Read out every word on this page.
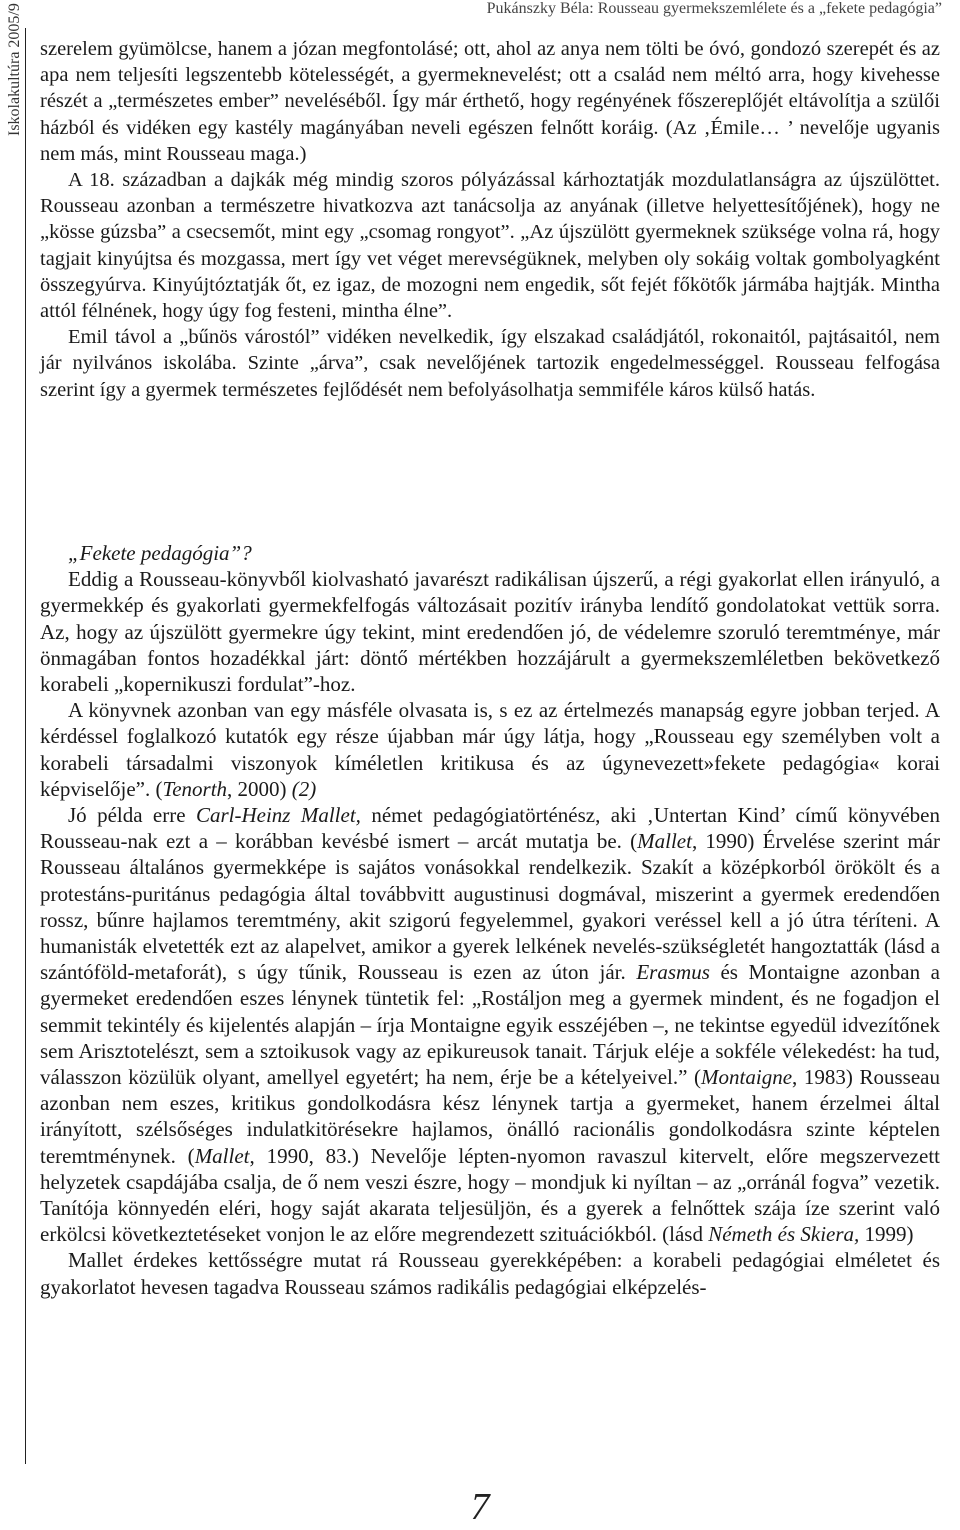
Pukánszky Béla: Rousseau gyermekszemlélete és a „fekete pedagógia”
Iskolakultúra 2005/9 szerelem gyümölcse, hanem a józan megfontolásé; ott, ahol az anya nem tölti be óvó, gondozó szerepét és az apa nem teljesíti legszentebb kötelességét, a gyermeknevelést; ott a család nem méltó arra, hogy kivehesse részét a „természetes ember” neveléséből. Így már érthető, hogy regényének főszereplőjét eltávolítja a szülői házból és vidéken egy kastély magányában neveli egészen felnőtt koráig. (Az ‚Émile… ’ nevelője ugyanis nem más, mint Rousseau maga.)

A 18. században a dajkák még mindig szoros pólyázással kárhoztatják mozdulatlanságra az újszülöttet. Rousseau azonban a természetre hivatkozva azt tanácsolja az anyának (illetve helyettesítőjének), hogy ne „kösse gúzsba” a csecsemőt, mint egy „csomag rongyot”. „Az újszülött gyermeknek szüksége volna rá, hogy tagjait kinyújtsa és mozgassa, mert így vet véget merevségüknek, melyben oly sokáig voltak gombolyagként összegyúrva. Kinyújtóztatják őt, ez igaz, de mozogni nem engedik, sőt fejét főkötők jármába hajtják. Mintha attól félnének, hogy úgy fog festeni, mintha élne”.

Emil távol a „bűnös várostól” vidéken nevelkedik, így elszakad családjától, rokonaitól, pajtásaitól, nem jár nyilvános iskolába. Szinte „árva”, csak nevelőjének tartozik engedelmességgel. Rousseau felfogása szerint így a gyermek természetes fejlődését nem befolyásolhatja semmiféle káros külső hatás.

„Fekete pedagógia”?

Eddig a Rousseau-könyvből kiolvasható javarészt radikálisan újszerű, a régi gyakorlat ellen irányuló, a gyermekkép és gyakorlati gyermekfelfogás változásait pozitív irányba lendítő gondolatokat vettük sorra. Az, hogy az újszülött gyermekre úgy tekint, mint eredendően jó, de védelemre szoruló teremtménye, már önmagában fontos hozadékkal járt: döntő mértékben hozzájárult a gyermekszemléletben bekövetkező korabeli „kopernikuszi fordulat”-hoz.

A könyvnek azonban van egy másféle olvasata is, s ez az értelmezés manapság egyre jobban terjed. A kérdéssel foglalkozó kutatók egy része újabban már úgy látja, hogy „Rousseau egy személyben volt a korabeli társadalmi viszonyok kíméletlen kritikusa és az úgynevezett»fekete pedagógia« korai képviselője”. (Tenorth, 2000) (2)

Jó példa erre Carl-Heinz Mallet, német pedagógiatörténész, aki ‚Untertan Kind’ című könyvében Rousseau-nak ezt a – korábban kevésbé ismert – arcát mutatja be. (Mallet, 1990) Érvelése szerint már Rousseau általános gyermekképe is sajátos vonásokkal rendelkezik. Szakít a középkorból örökölt és a protestáns-puritánus pedagógia által továbbvitt augustinusi dogmával, miszerint a gyermek eredendően rossz, bűnre hajlamos teremtmény, akit szigorú fegyelemmel, gyakori veréssel kell a jó útra téríteni. A humanisták elvetették ezt az alapelvet, amikor a gyerek lelkének nevelés-szükségletét hangoztatták (lásd a szántóföld-metaforát), s úgy tűnik, Rousseau is ezen az úton jár. Erasmus és Montaigne azonban a gyermeket eredendően eszes lénynek tüntetik fel: „Rostáljon meg a gyermek mindent, és ne fogadjon el semmit tekintély és kijelentés alapján – írja Montaigne egyik esszéjében –, ne tekintse egyedül idvezítőnek sem Arisztotelészt, sem a sztoikusok vagy az epikureusok tanait. Tárjuk eléje a sokféle vélekedést: ha tud, válasszon közülük olyant, amellyel egyetért; ha nem, érje be a kételyeivel.” (Montaigne, 1983) Rousseau azonban nem eszes, kritikus gondolkodásra kész lénynek tartja a gyermeket, hanem érzelmei által irányított, szélsőséges indulatkitörésekre hajlamos, önálló racionális gondolkodásra szinte képtelen teremtménynek. (Mallet, 1990, 83.) Nevelője lépten-nyomon ravaszul kitervelt, előre megszervezett helyzetek csapdájába csalja, de ő nem veszi észre, hogy – mondjuk ki nyíltan – az „orránál fogva” vezetik. Tanítója könnyedén eléri, hogy saját akarata teljesüljön, és a gyerek a felnőttek szája íze szerint való erkölcsi következtetéseket vonjon le az előre megrendezett szituációkból. (lásd Németh és Skiera, 1999)

Mallet érdekes kettősségre mutat rá Rousseau gyerekképében: a korabeli pedagógiai elméletet és gyakorlatot hevesen tagadva Rousseau számos radikális pedagógiai elképzelés-

7
